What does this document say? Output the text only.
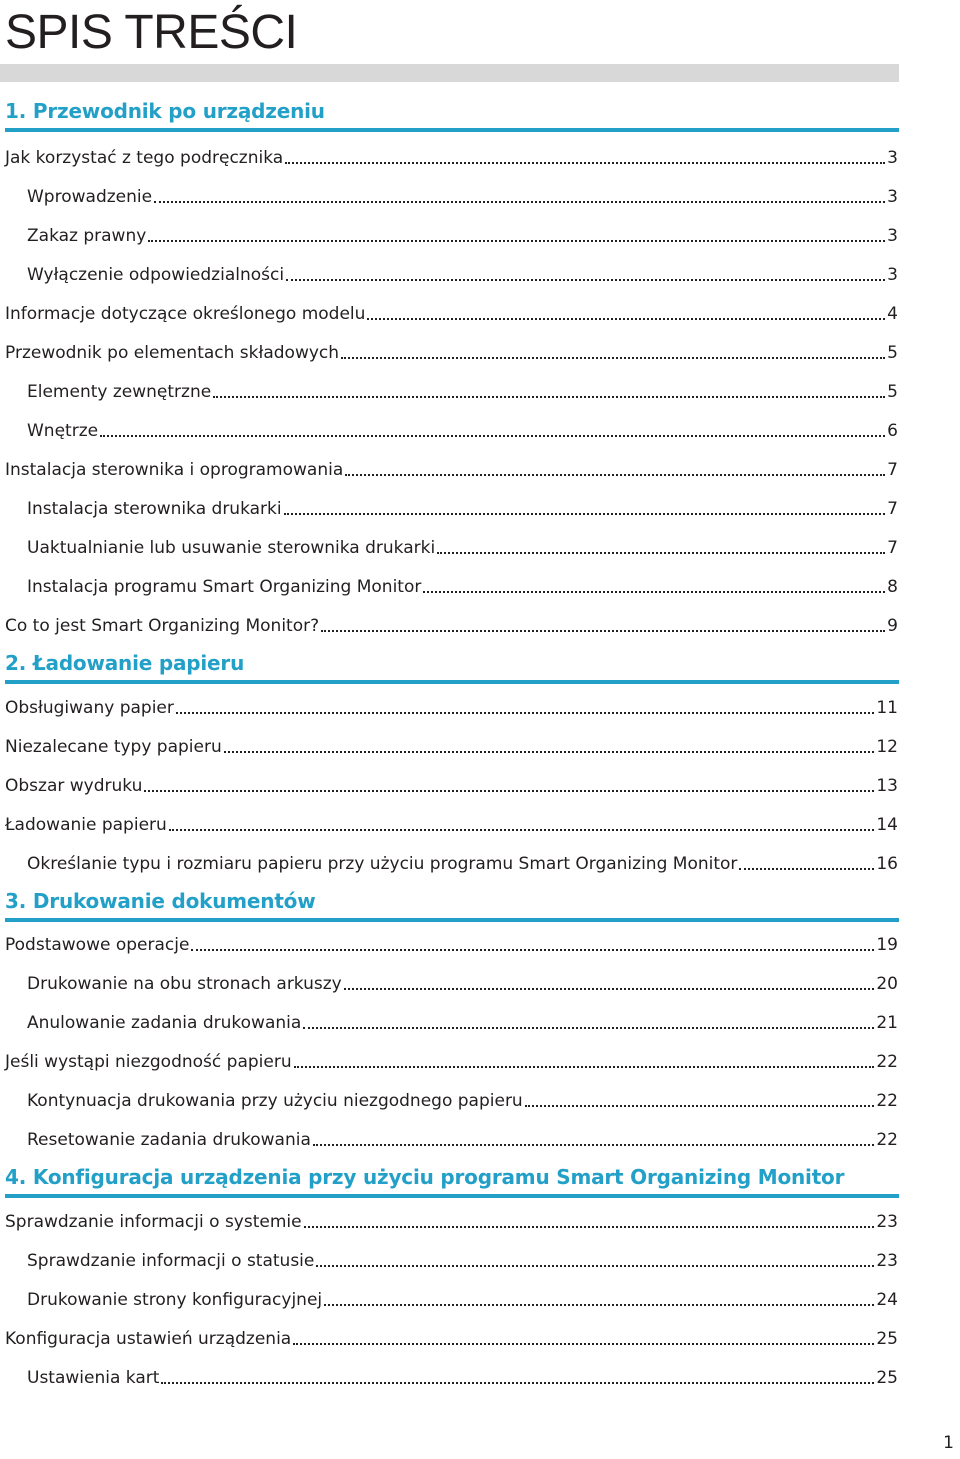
SPIS TREŚCI
1. Przewodnik po urządzeniu
Jak korzystać z tego podręcznika	3
Wprowadzenie	3
Zakaz prawny	3
Wyłączenie odpowiedzialności	3
Informacje dotyczące określonego modelu	4
Przewodnik po elementach składowych	5
Elementy zewnętrzne	5
Wnętrze	6
Instalacja sterownika i oprogramowania	7
Instalacja sterownika drukarki	7
Uaktualnianie lub usuwanie sterownika drukarki	7
Instalacja programu Smart Organizing Monitor	8
Co to jest Smart Organizing Monitor?	9
2. Ładowanie papieru
Obsługiwany papier	11
Niezalecane typy papieru	12
Obszar wydruku	13
Ładowanie papieru	14
Określanie typu i rozmiaru papieru przy użyciu programu Smart Organizing Monitor	16
3. Drukowanie dokumentów
Podstawowe operacje	19
Drukowanie na obu stronach arkuszy	20
Anulowanie zadania drukowania	21
Jeśli wystąpi niezgodność papieru	22
Kontynuacja drukowania przy użyciu niezgodnego papieru	22
Resetowanie zadania drukowania	22
4. Konfiguracja urządzenia przy użyciu programu Smart Organizing Monitor
Sprawdzanie informacji o systemie	23
Sprawdzanie informacji o statusie	23
Drukowanie strony konfiguracyjnej	24
Konfiguracja ustawień urządzenia	25
Ustawienia kart	25
1
